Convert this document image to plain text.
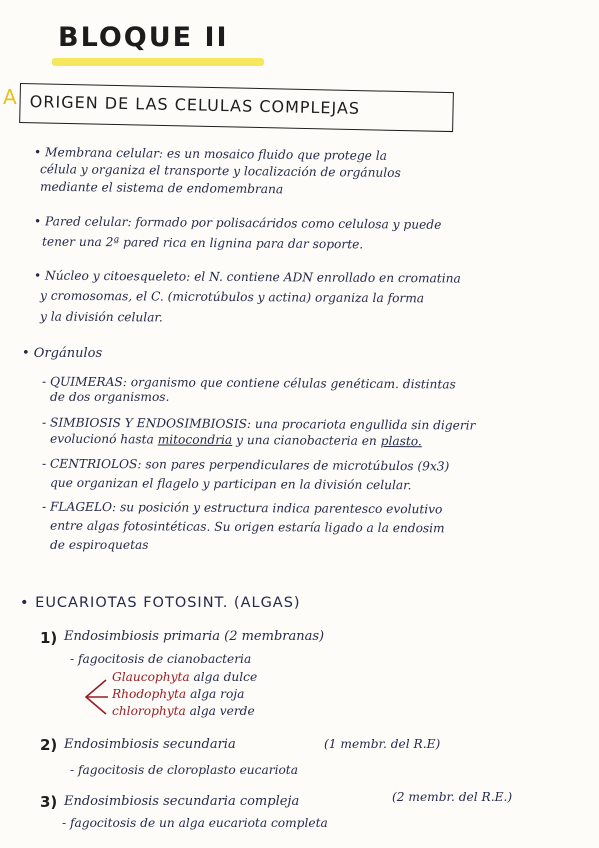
BLOQUE II
A ORIGEN DE LAS CELULAS COMPLEJAS
• Membrana celular: es un mosaico fluido que protege la
célula y organiza el transporte y localización de orgánulos
mediante el sistema de endomembrana
• Pared celular: formado por polisacáridos como celulosa y puede
tener una 2ª pared rica en lignina para dar soporte.
• Núcleo y citoesqueleto: el N. contiene ADN enrollado en cromatina
y cromosomas, el C. (microtúbulos y actina) organiza la forma
y la división celular.
• Orgánulos
- QUIMERAS: organismo que contiene células genéticam. distintas
de dos organismos.
- SIMBIOSIS Y ENDOSIMBIOSIS: una procariota engullida sin digerir
evolucionó hasta mitocondria y una cianobacteria en plasto.
- CENTRIOLOS: son pares perpendiculares de microtúbulos (9x3)
que organizan el flagelo y participan en la división celular.
- FLAGELO: su posición y estructura indica parentesco evolutivo
entre algas fotosintéticas. Su origen estaría ligado a la endosim
de espiroquetas
• EUCARIOTAS FOTOSINT. (ALGAS)
1) Endosimbiosis primaria (2 membranas)
- fagocitosis de cianobacteria
Glaucophyta alga dulce
Rhodophyta alga roja
chlorophyta alga verde
2) Endosimbiosis secundaria	(1 membr. del R.E)
- fagocitosis de cloroplasto eucariota
3) Endosimbiosis secundaria compleja	(2 membr. del R.E.)
- fagocitosis de un alga eucariota completa
